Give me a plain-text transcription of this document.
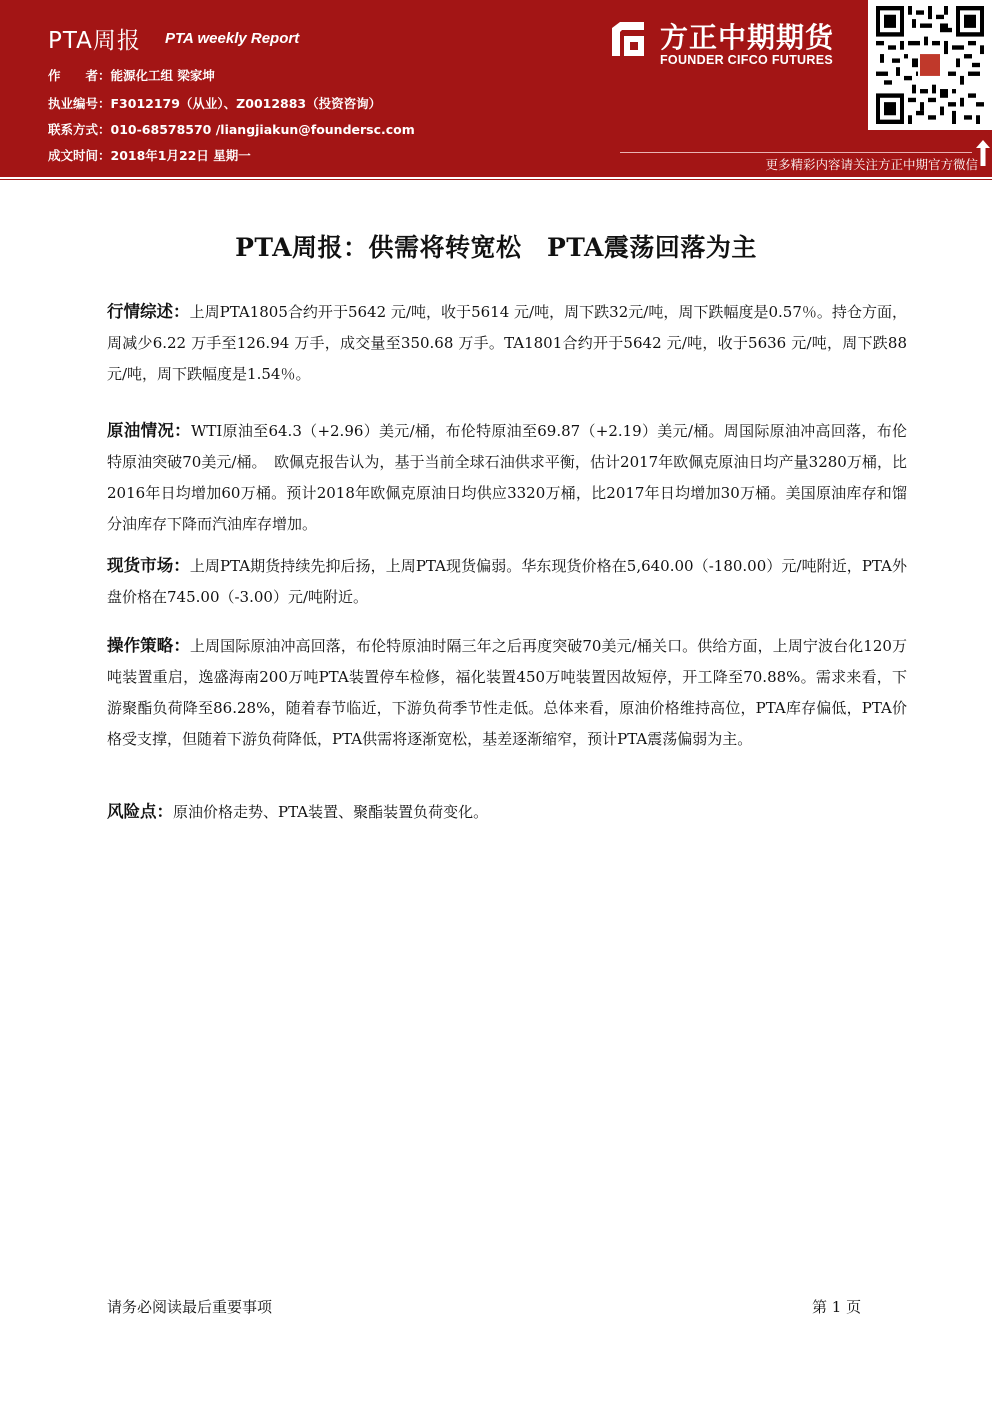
PTA周报 PTA weekly Report
作　　者：能源化工组 梁家坤
执业编号：F3012179（从业）、Z0012883（投资咨询）
联系方式：010-68578570 /liangjiakun@foundersc.com
成文时间：2018年1月22日 星期一
方正中期期货
FOUNDER CIFCO FUTURES
更多精彩内容请关注方正中期官方微信
PTA周报：供需将转宽松　PTA震荡回落为主
行情综述：上周PTA1805合约开于5642 元/吨，收于5614 元/吨，周下跌32元/吨，周下跌幅度是0.57％。持仓方面，周减少6.22 万手至126.94 万手，成交量至350.68 万手。TA1801合约开于5642 元/吨，收于5636 元/吨，周下跌88元/吨，周下跌幅度是1.54％。
原油情况：WTI原油至64.3（+2.96）美元/桶，布伦特原油至69.87（+2.19）美元/桶。周国际原油冲高回落，布伦特原油突破70美元/桶。　欧佩克报告认为，基于当前全球石油供求平衡，估计2017年欧佩克原油日均产量3280万桶，比2016年日均增加60万桶。预计2018年欧佩克原油日均供应3320万桶，比2017年日均增加30万桶。美国原油库存和馏分油库存下降而汽油库存增加。
现货市场：上周PTA期货持续先抑后扬，上周PTA现货偏弱。华东现货价格在5,640.00（-180.00）元/吨附近，PTA外盘价格在745.00（-3.00）元/吨附近。
操作策略：上周国际原油冲高回落，布伦特原油时隔三年之后再度突破70美元/桶关口。供给方面，上周宁波台化120万吨装置重启，逸盛海南200万吨PTA装置停车检修，福化装置450万吨装置因故短停，开工降至70.88%。需求来看，下游聚酯负荷降至86.28%，随着春节临近，下游负荷季节性走低。总体来看，原油价格维持高位，PTA库存偏低，PTA价格受支撑，但随着下游负荷降低，PTA供需将逐渐宽松，基差逐渐缩窄，预计PTA震荡偏弱为主。
风险点：原油价格走势、PTA装置、聚酯装置负荷变化。
请务必阅读最后重要事项	第 1 页
